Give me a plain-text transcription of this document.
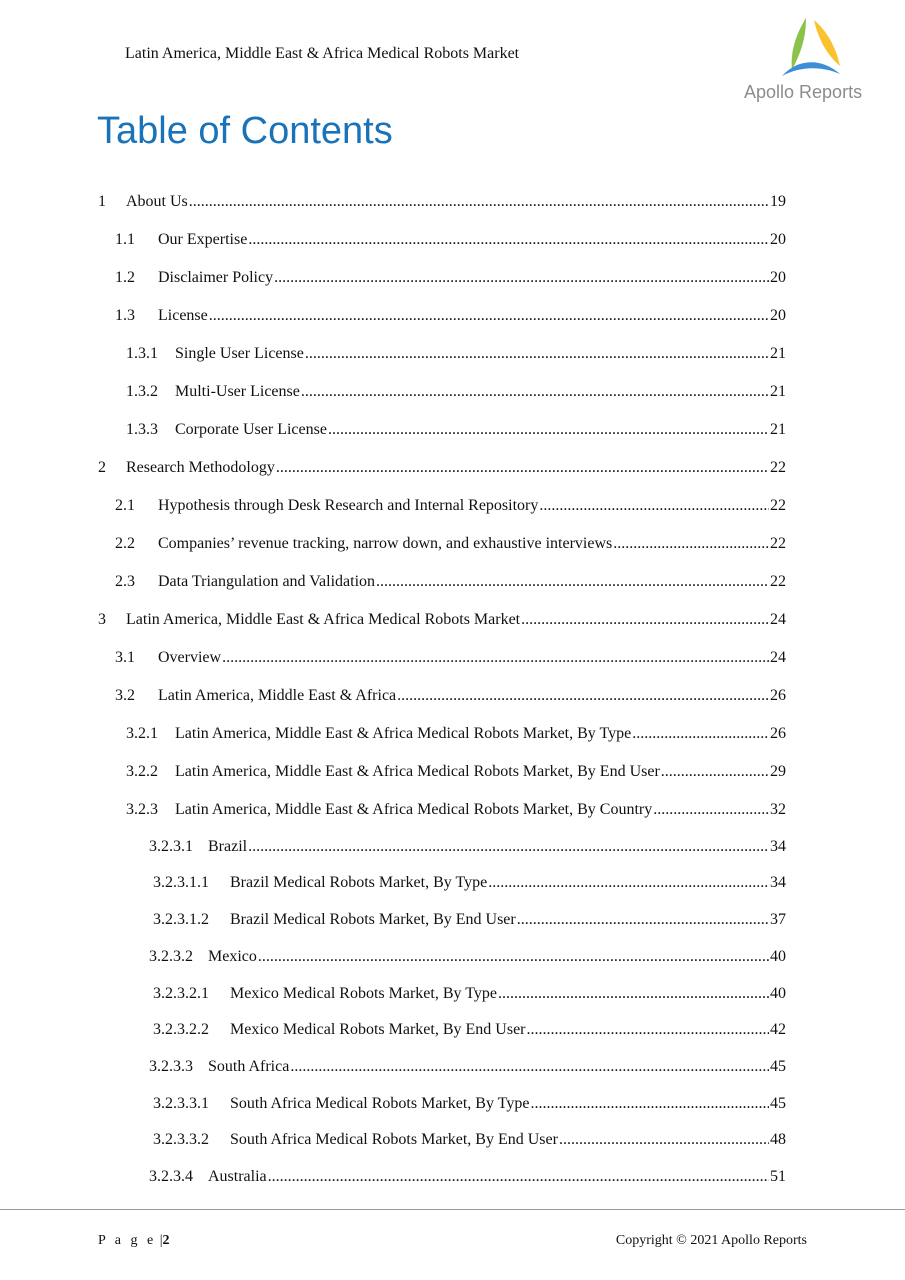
Latin America, Middle East & Africa Medical Robots Market
Apollo Reports
Table of Contents
1	About Us .....	19
1.1	Our Expertise .....	20
1.2	Disclaimer Policy .....	20
1.3	License .....	20
1.3.1	Single User License .....	21
1.3.2	Multi-User License .....	21
1.3.3	Corporate User License .....	21
2	Research Methodology .....	22
2.1	Hypothesis through Desk Research and Internal Repository .....	22
2.2	Companies’ revenue tracking, narrow down, and exhaustive interviews .....	22
2.3	Data Triangulation and Validation .....	22
3	Latin America, Middle East & Africa Medical Robots Market .....	24
3.1	Overview .....	24
3.2	Latin America, Middle East & Africa .....	26
3.2.1	Latin America, Middle East & Africa Medical Robots Market, By Type .....	26
3.2.2	Latin America, Middle East & Africa Medical Robots Market, By End User .....	29
3.2.3	Latin America, Middle East & Africa Medical Robots Market, By Country .....	32
3.2.3.1 Brazil .....	34
3.2.3.1.1	Brazil Medical Robots Market, By Type .....	34
3.2.3.1.2	Brazil Medical Robots Market, By End User .....	37
3.2.3.2 Mexico .....	40
3.2.3.2.1	Mexico Medical Robots Market, By Type .....	40
3.2.3.2.2	Mexico Medical Robots Market, By End User .....	42
3.2.3.3 South Africa .....	45
3.2.3.3.1	South Africa Medical Robots Market, By Type .....	45
3.2.3.3.2	South Africa Medical Robots Market, By End User .....	48
3.2.3.4 Australia .....	51
P a g e |2	Copyright © 2021 Apollo Reports
